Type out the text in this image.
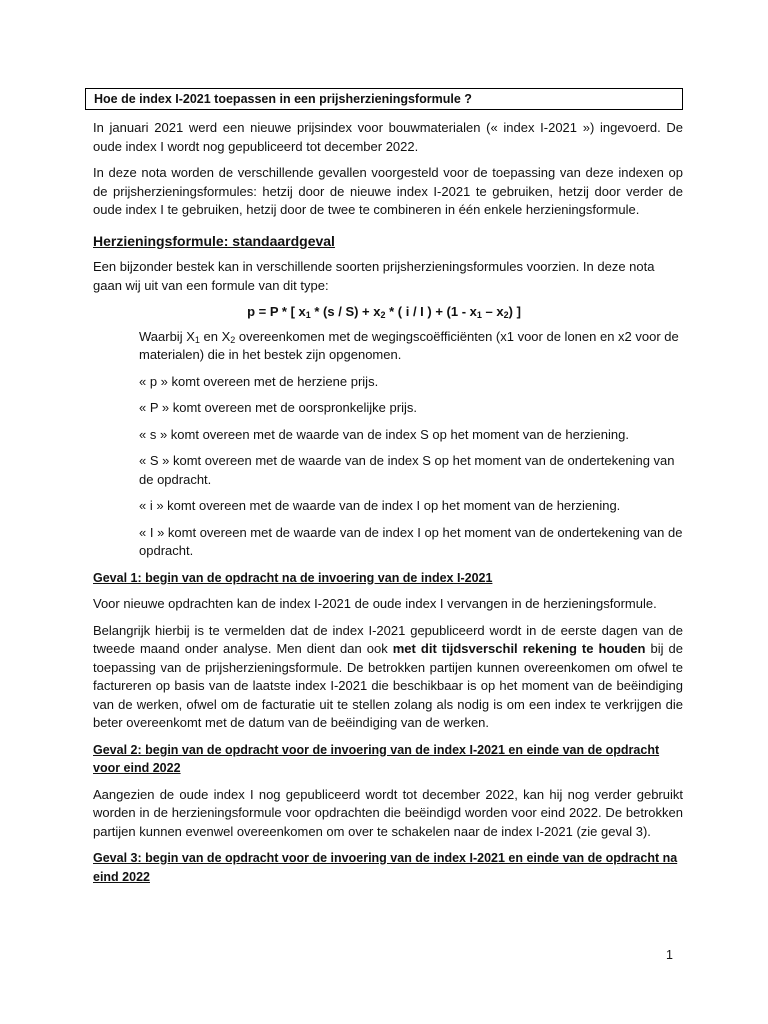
Hoe de index I-2021 toepassen in een prijsherzieningsformule ?

In januari 2021 werd een nieuwe prijsindex voor bouwmaterialen (« index I-2021 ») ingevoerd. De oude index I wordt nog gepubliceerd tot december 2022.

In deze nota worden de verschillende gevallen voorgesteld voor de toepassing van deze indexen op de prijsherzieningsformules: hetzij door de nieuwe index I-2021 te gebruiken, hetzij door verder de oude index I te gebruiken, hetzij door de twee te combineren in één enkele herzieningsformule.

Herzieningsformule: standaardgeval

Een bijzonder bestek kan in verschillende soorten prijsherzieningsformules voorzien. In deze nota gaan wij uit van een formule van dit type:

p = P * [ $x_1 * (s / S) + x_2$ * ( i / I ) + $(1 - x_1 - x_2)$ ]

Waarbij $X_1$ en $X_2$ overeenkomen met de wegingscoëfficiënten (x1 voor de lonen en x2 voor de materialen) die in het bestek zijn opgenomen.

« p » komt overeen met de herziene prijs.

« P » komt overeen met de oorspronkelijke prijs.

« s » komt overeen met de waarde van de index S op het moment van de herziening.

« S » komt overeen met de waarde van de index S op het moment van de ondertekening van de opdracht.

« i » komt overeen met de waarde van de index I op het moment van de herziening.

« I » komt overeen met de waarde van de index I op het moment van de ondertekening van de opdracht.

Geval 1: begin van de opdracht na de invoering van de index I-2021

Voor nieuwe opdrachten kan de index I-2021 de oude index I vervangen in de herzieningsformule.

Belangrijk hierbij is te vermelden dat de index I-2021 gepubliceerd wordt in de eerste dagen van de tweede maand onder analyse. Men dient dan ook met dit tijdsverschil rekening te houden bij de toepassing van de prijsherzieningsformule. De betrokken partijen kunnen overeenkomen om ofwel te factureren op basis van de laatste index I-2021 die beschikbaar is op het moment van de beëindiging van de werken, ofwel om de facturatie uit te stellen zolang als nodig is om een index te verkrijgen die beter overeenkomt met de datum van de beëindiging van de werken.

Geval 2: begin van de opdracht voor de invoering van de index I-2021 en einde van de opdracht voor eind 2022

Aangezien de oude index I nog gepubliceerd wordt tot december 2022, kan hij nog verder gebruikt worden in de herzieningsformule voor opdrachten die beëindigd worden voor eind 2022. De betrokken partijen kunnen evenwel overeenkomen om over te schakelen naar de index I-2021 (zie geval 3).

Geval 3: begin van de opdracht voor de invoering van de index I-2021 en einde van de opdracht na eind 2022
1
